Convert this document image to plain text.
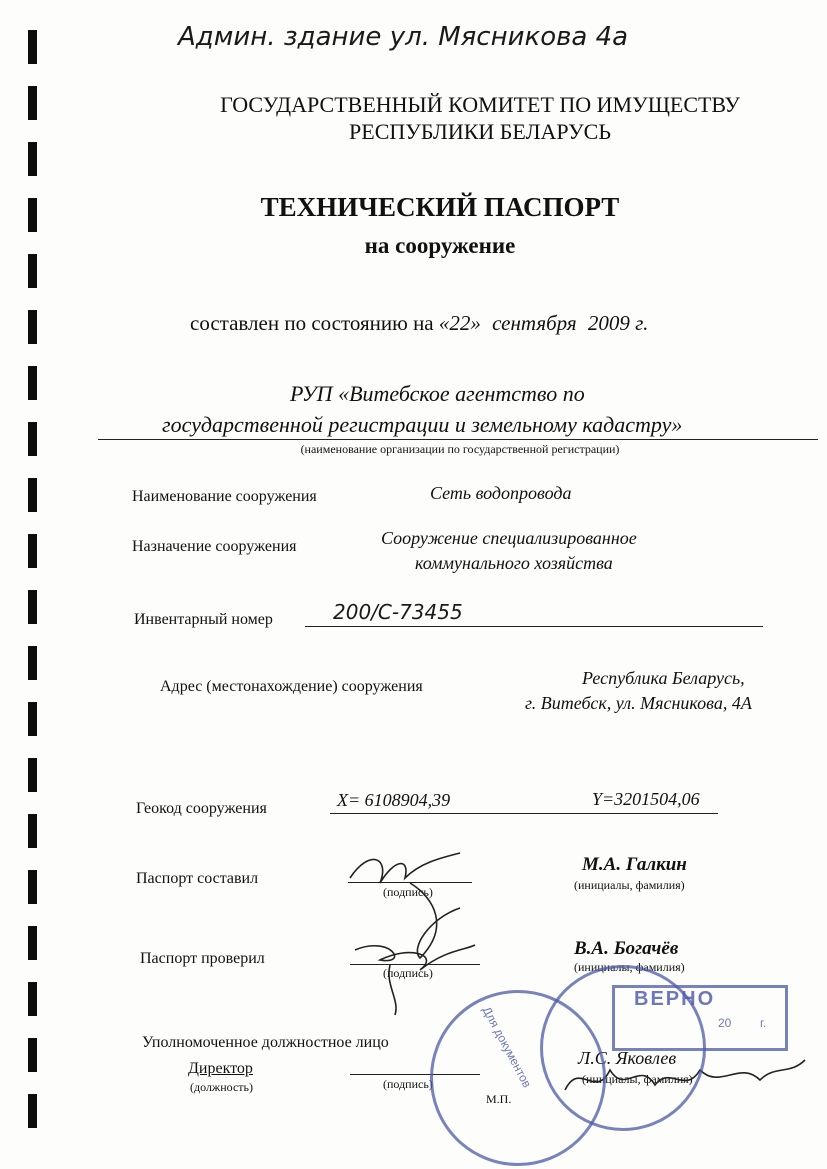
Админ. здание ул. Мясникова 4а
ГОСУДАРСТВЕННЫЙ КОМИТЕТ ПО ИМУЩЕСТВУ
РЕСПУБЛИКИ БЕЛАРУСЬ
ТЕХНИЧЕСКИЙ ПАСПОРТ
на сооружение
составлен по состоянию на «22» сентября 2009 г.
РУП «Витебское агентство по
государственной регистрации и земельному кадастру»
(наименование организации по государственной регистрации)
Наименование сооружения	Сеть водопровода
Назначение сооружения	Сооружение специализированное
коммунального хозяйства
Инвентарный номер	200/С-73455
Адрес (местонахождение) сооружения	Республика Беларусь,
г. Витебск, ул. Мясникова, 4А
Геокод сооружения	X= 6108904,39	Y=3201504,06
Паспорт составил
(подпись)
М.А. Галкин
(инициалы, фамилия)
Паспорт проверил
(подпись)
В.А. Богачёв
(инициалы, фамилия)
Уполномоченное должностное лицо
Директор
(должность)	(подпись)
М.П.
Л.С. Яковлев
(инициалы, фамилия)
Для документов
ВЕРНО
20 г.
